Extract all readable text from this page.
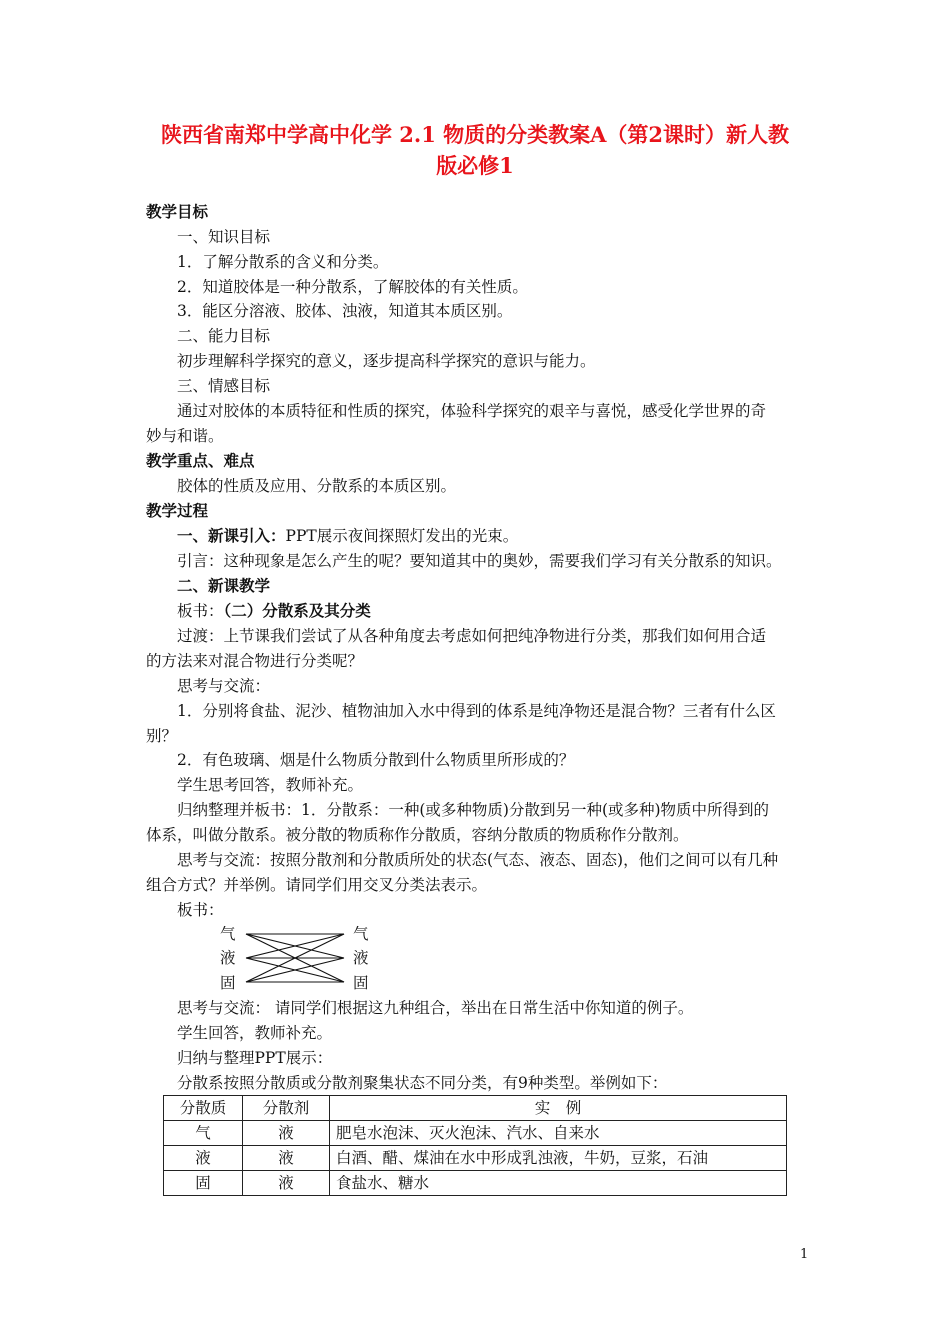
陕西省南郑中学高中化学 2.1 物质的分类教案A（第2课时）新人教
版必修1
教学目标
一、知识目标
1．了解分散系的含义和分类。
2．知道胶体是一种分散系，了解胶体的有关性质。
3．能区分溶液、胶体、浊液，知道其本质区别。
二、能力目标
初步理解科学探究的意义，逐步提高科学探究的意识与能力。
三、情感目标
通过对胶体的本质特征和性质的探究，体验科学探究的艰辛与喜悦，感受化学世界的奇
妙与和谐。
教学重点、难点
胶体的性质及应用、分散系的本质区别。
教学过程
一、新课引入：PPT展示夜间探照灯发出的光束。
引言：这种现象是怎么产生的呢？要知道其中的奥妙，需要我们学习有关分散系的知识。
二、新课教学
板书：（二）分散系及其分类
过渡：上节课我们尝试了从各种角度去考虑如何把纯净物进行分类，那我们如何用合适
的方法来对混合物进行分类呢？
思考与交流：
1．分别将食盐、泥沙、植物油加入水中得到的体系是纯净物还是混合物？三者有什么区
别？
2．有色玻璃、烟是什么物质分散到什么物质里所形成的？
学生思考回答，教师补充。
归纳整理并板书：1．分散系：一种(或多种物质)分散到另一种(或多种)物质中所得到的
体系，叫做分散系。被分散的物质称作分散质，容纳分散质的物质称作分散剂。
思考与交流：按照分散剂和分散质所处的状态(气态、液态、固态)，他们之间可以有几种
组合方式？并举例。请同学们用交叉分类法表示。
板书：
气
液
固
气
液
固
思考与交流： 请同学们根据这九种组合，举出在日常生活中你知道的例子。
学生回答，教师补充。
归纳与整理PPT展示：
分散系按照分散质或分散剂聚集状态不同分类，有9种类型。举例如下：
分散质	分散剂	实　例
气	液	肥皂水泡沫、灭火泡沫、汽水、自来水
液	液	白酒、醋、煤油在水中形成乳浊液，牛奶，豆浆，石油
固	液	食盐水、糖水
1
